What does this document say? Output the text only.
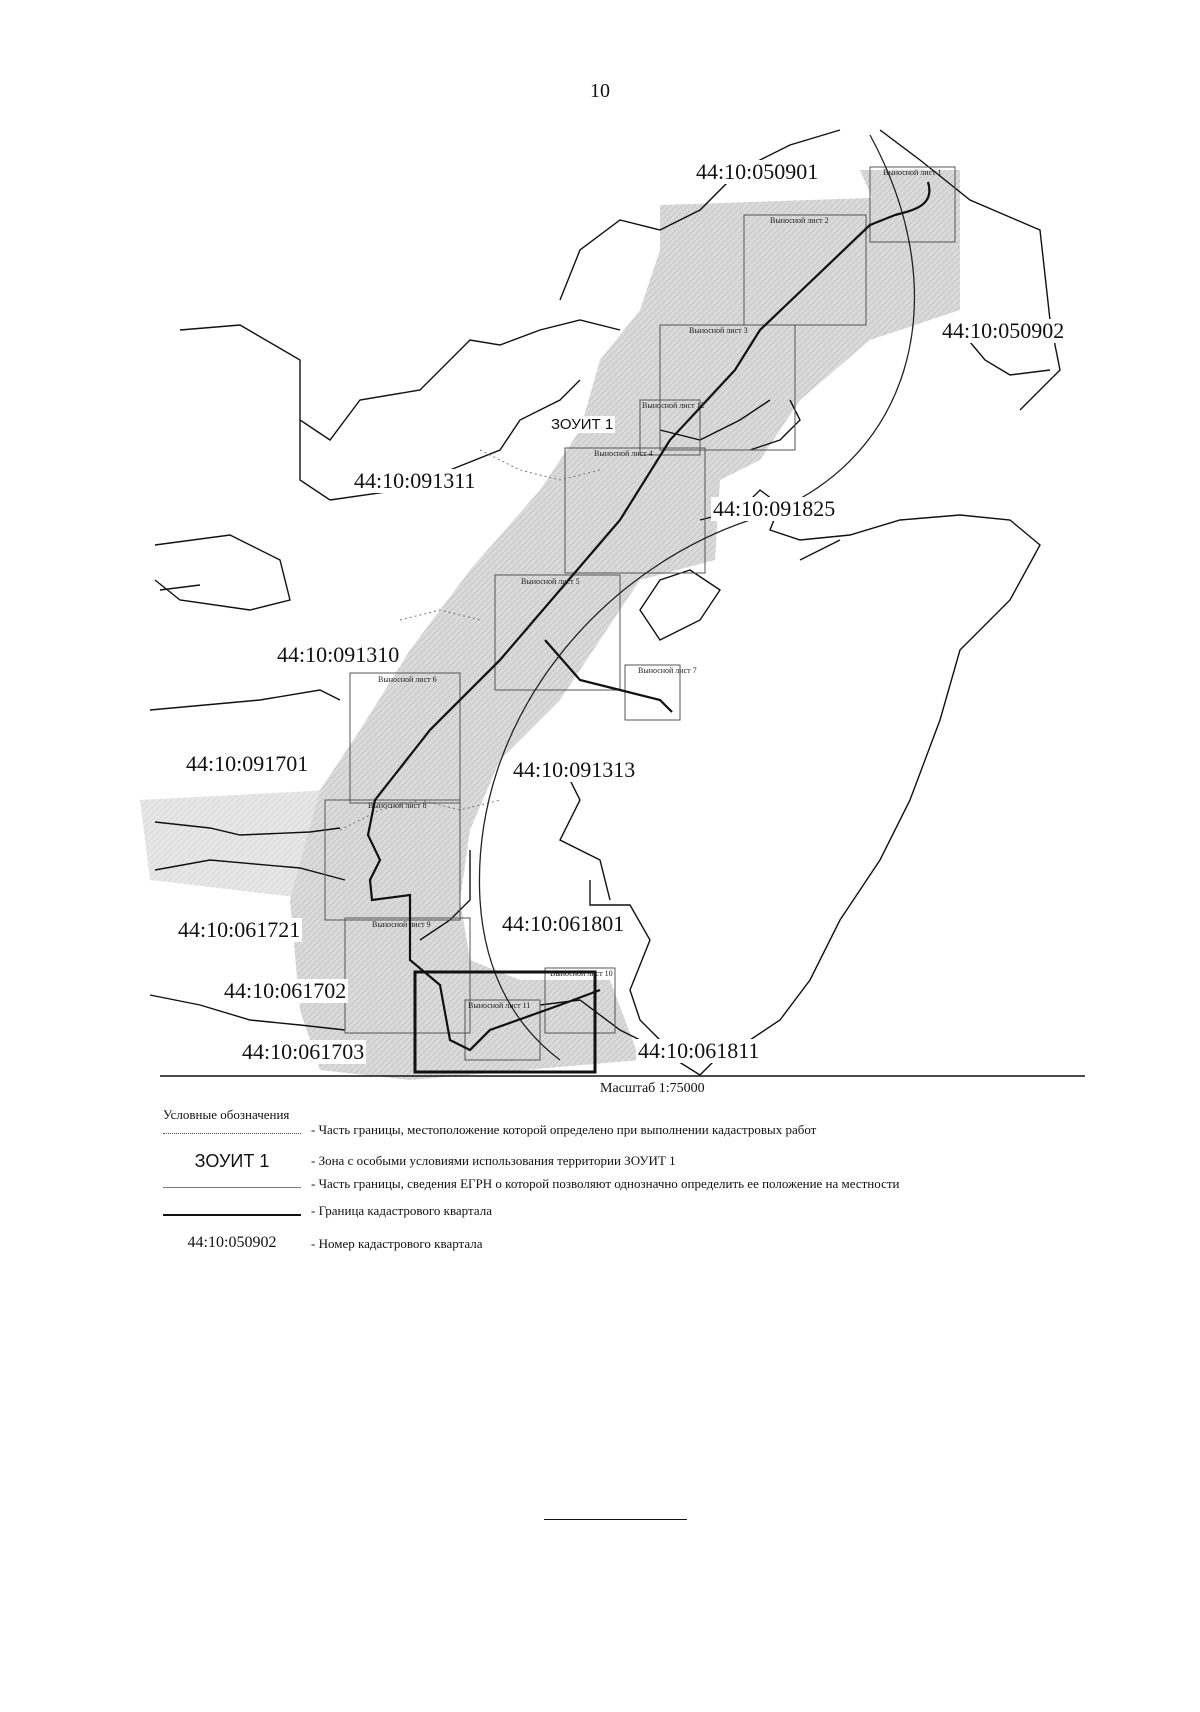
10
44:10:050901
44:10:050902
44:10:091311
44:10:091825
44:10:091310
44:10:091701	44:10:091313
44:10:061721	44:10:061801
44:10:061702
44:10:061703	44:10:061811
ЗОУИТ 1
Выносной лист 1
Выносной лист 2
Выносной лист 3
Выносной лист 4
Выносной лист 5
Выносной лист 6
Выносной лист 7
Выносной лист 8
Выносной лист 9
Выносной лист 10
Выносной лист 11
Выносной лист 12
Масштаб 1:75000
Условные обозначения
- Часть границы, местоположение которой определено при выполнении кадастровых работ
ЗОУИТ 1	- Зона с особыми условиями использования территории ЗОУИТ 1
- Часть границы, сведения ЕГРН о которой позволяют однозначно определить ее положение на местности
- Граница кадастрового квартала
44:10:050902	- Номер кадастрового квартала
